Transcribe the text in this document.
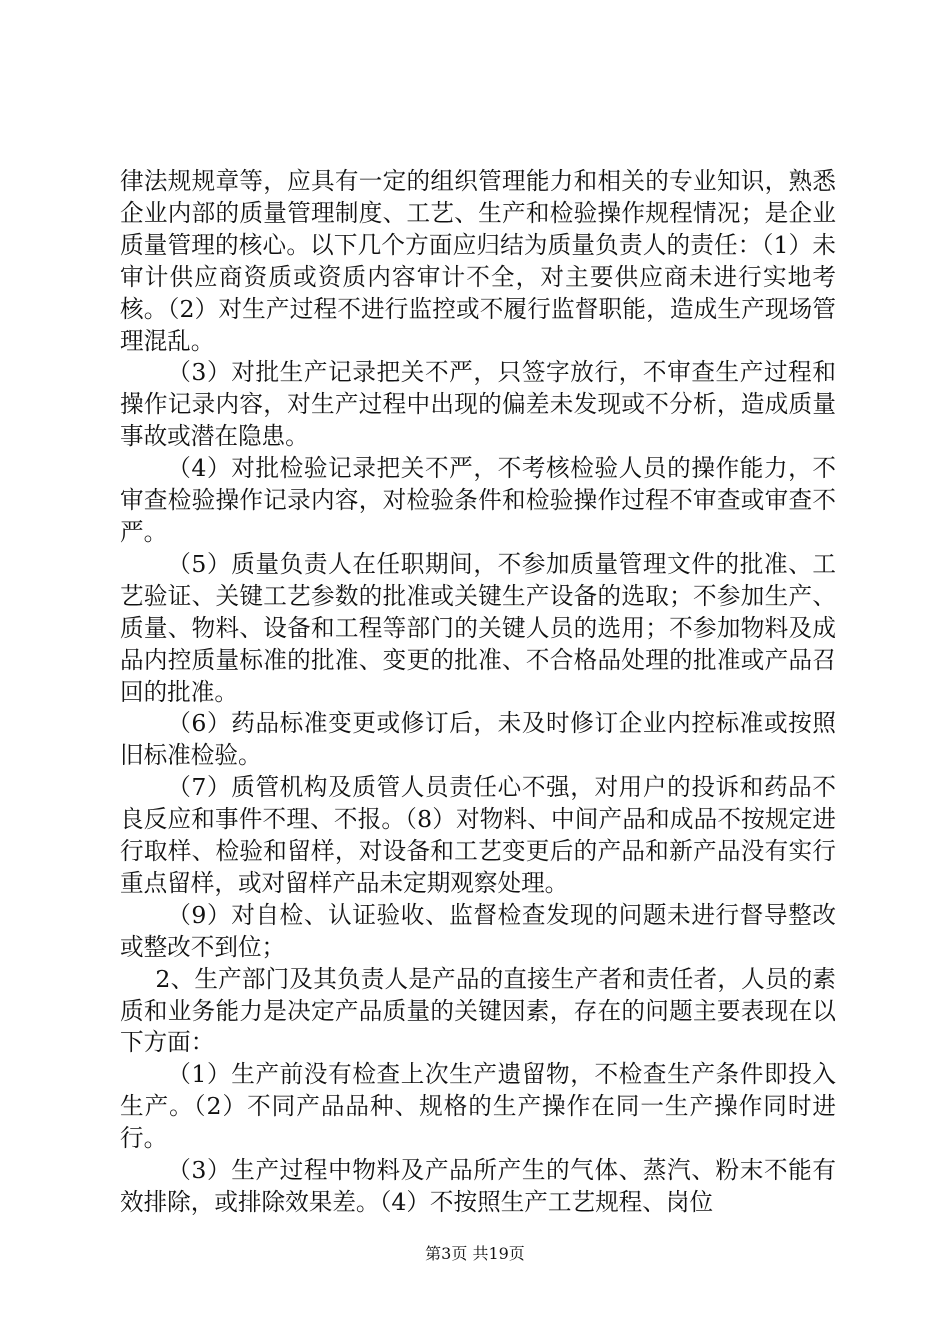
律法规规章等，应具有一定的组织管理能力和相关的专业知识，熟悉企业内部的质量管理制度、工艺、生产和检验操作规程情况；是企业质量管理的核心。以下几个方面应归结为质量负责人的责任：（1）未审计供应商资质或资质内容审计不全，对主要供应商未进行实地考核。（2）对生产过程不进行监控或不履行监督职能，造成生产现场管理混乱。

（3）对批生产记录把关不严，只签字放行，不审查生产过程和操作记录内容，对生产过程中出现的偏差未发现或不分析，造成质量事故或潜在隐患。

（4）对批检验记录把关不严，不考核检验人员的操作能力，不审查检验操作记录内容，对检验条件和检验操作过程不审查或审查不严。

（5）质量负责人在任职期间，不参加质量管理文件的批准、工艺验证、关键工艺参数的批准或关键生产设备的选取；不参加生产、质量、物料、设备和工程等部门的关键人员的选用；不参加物料及成品内控质量标准的批准、变更的批准、不合格品处理的批准或产品召回的批准。

（6）药品标准变更或修订后，未及时修订企业内控标准或按照旧标准检验。

（7）质管机构及质管人员责任心不强，对用户的投诉和药品不良反应和事件不理、不报。（8）对物料、中间产品和成品不按规定进行取样、检验和留样，对设备和工艺变更后的产品和新产品没有实行重点留样，或对留样产品未定期观察处理。

（9）对自检、认证验收、监督检查发现的问题未进行督导整改或整改不到位；

2、生产部门及其负责人是产品的直接生产者和责任者，人员的素质和业务能力是决定产品质量的关键因素，存在的问题主要表现在以下方面：

（1）生产前没有检查上次生产遗留物，不检查生产条件即投入生产。（2）不同产品品种、规格的生产操作在同一生产操作同时进行。

（3）生产过程中物料及产品所产生的气体、蒸汽、粉末不能有效排除，或排除效果差。（4）不按照生产工艺规程、岗位

第3页 共19页
